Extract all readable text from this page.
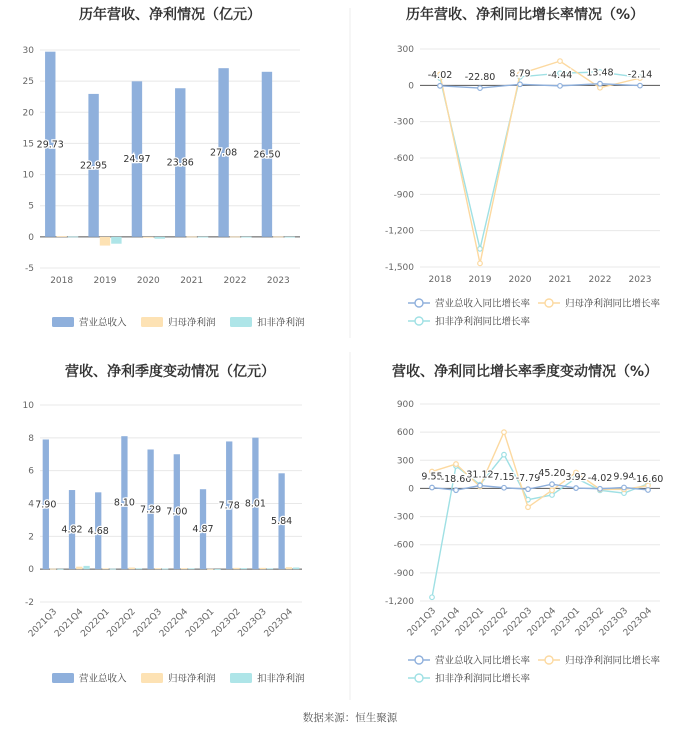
历年营收、净利情况（亿元）
30
25
20
15
10
5
0
-5
2018 2019 2020 2021 2022 2023
29.73
22.95
24.97 23.86
27.08 26.50
营业总收入	归母净利润	扣非净利润
历年营收、净利同比增长率情况（%）
300
0
-300
-600
-900
-1,200
-1,500
2018 2019 2020 2021 2022 2023
-4.02 -22.80 8.79 -4.44 13.48 -2.14
营业总收入同比增长率	归母净利润同比增长率
扣非净利润同比增长率
营收、净利季度变动情况（亿元）
10
8
6
4
2
0
-2
2021Q3
2021Q4
2022Q1
2022Q2
2022Q3
2022Q4
2023Q1
2023Q2
2023Q3
2023Q4
7.90
4.82 4.68
8.10
7.29 7.00
4.87
7.78 8.01
5.84
营业总收入	归母净利润	扣非净利润
营收、净利同比增长率季度变动情况（%）
900
600
300
0
-300
-600
-900
-1,200
2021Q3
2021Q4
2022Q1
2022Q2
2022Q3
2022Q4
2023Q1
2023Q2
2023Q3
2023Q4
9.55
-18.66
31.12 7.15 -7.79
45.20 3.92 -4.02 9.94
-16.60
营业总收入同比增长率	归母净利润同比增长率
扣非净利润同比增长率
数据来源：恒生聚源
